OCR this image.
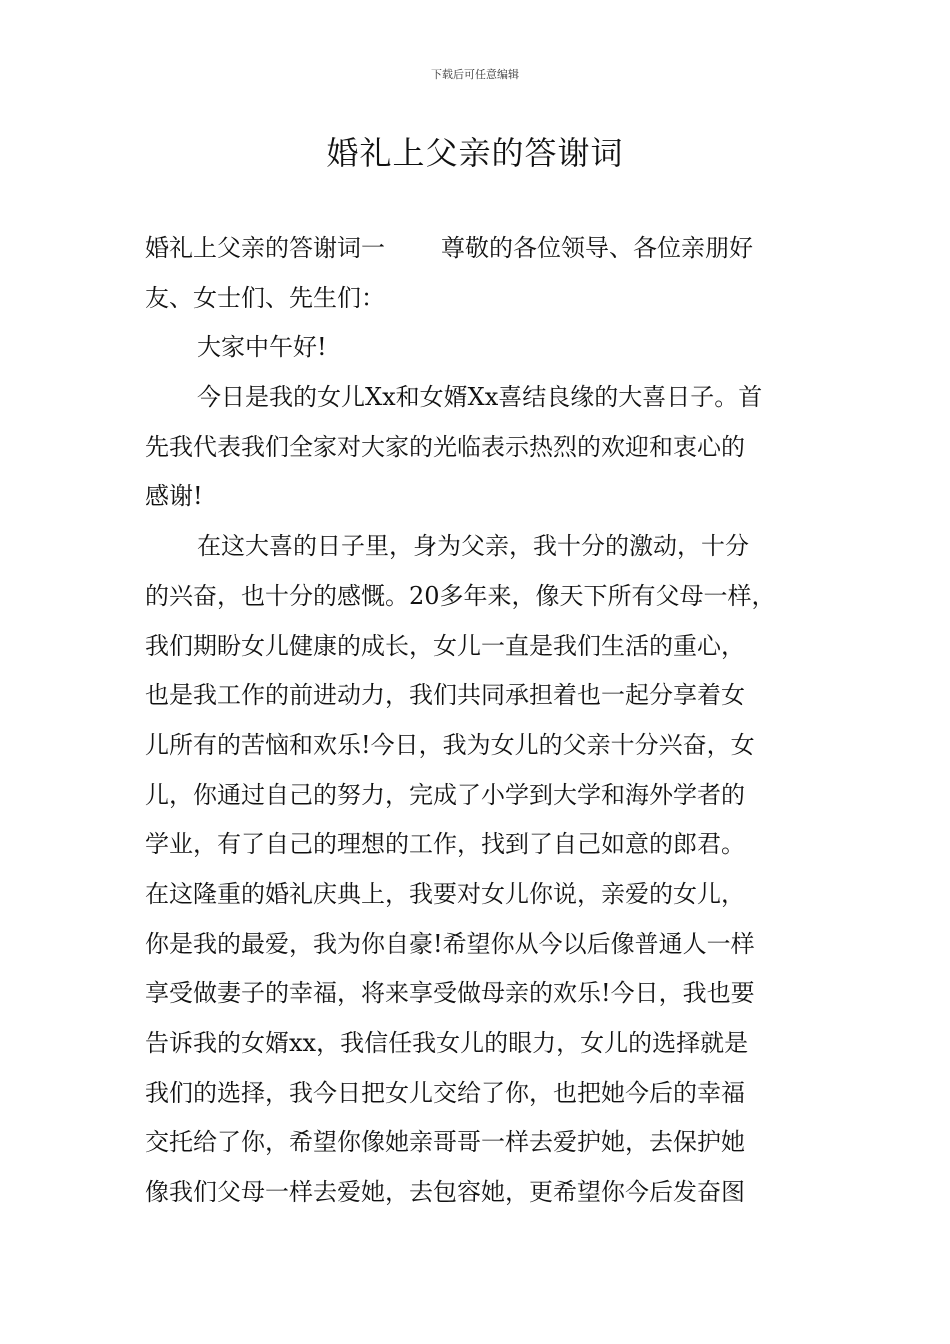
下载后可任意编辑
婚礼上父亲的答谢词
婚礼上父亲的答谢词一 尊敬的各位领导、各位亲朋好
友、女士们、先生们：
大家中午好!
今日是我的女儿Xx和女婿Xx喜结良缘的大喜日子。首
先我代表我们全家对大家的光临表示热烈的欢迎和衷心的
感谢!
在这大喜的日子里，身为父亲，我十分的激动，十分
的兴奋，也十分的感慨。20多年来，像天下所有父母一样，
我们期盼女儿健康的成长，女儿一直是我们生活的重心，
也是我工作的前进动力，我们共同承担着也一起分享着女
儿所有的苦恼和欢乐!今日，我为女儿的父亲十分兴奋，女
儿，你通过自己的努力，完成了小学到大学和海外学者的
学业，有了自己的理想的工作，找到了自己如意的郎君。
在这隆重的婚礼庆典上，我要对女儿你说，亲爱的女儿，
你是我的最爱，我为你自豪!希望你从今以后像普通人一样
享受做妻子的幸福，将来享受做母亲的欢乐!今日，我也要
告诉我的女婿xx，我信任我女儿的眼力，女儿的选择就是
我们的选择，我今日把女儿交给了你，也把她今后的幸福
交托给了你，希望你像她亲哥哥一样去爱护她，去保护她
像我们父母一样去爱她，去包容她，更希望你今后发奋图
